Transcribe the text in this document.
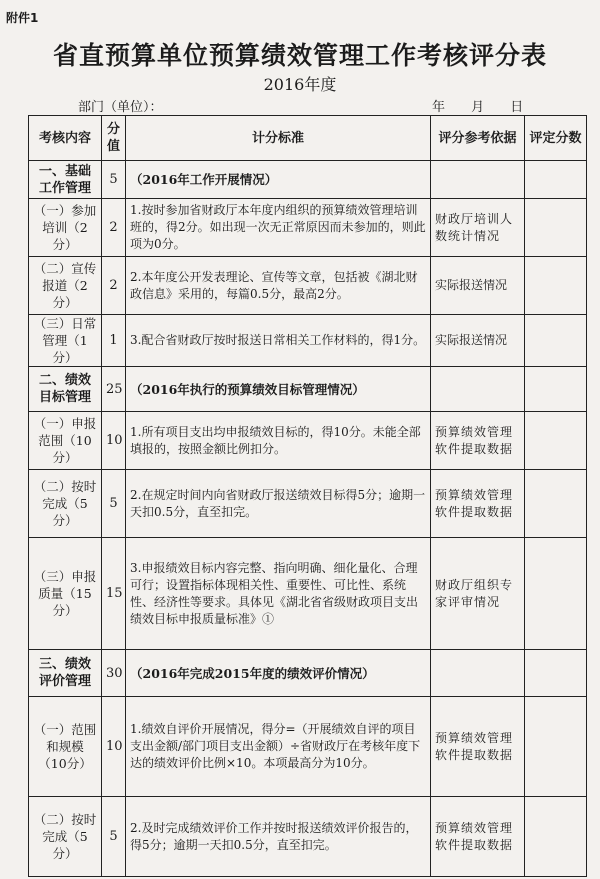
附件1
省直预算单位预算绩效管理工作考核评分表
2016年度
部门（单位）：	年 月 日
考核内容	分值	计分标准	评分参考依据	评定分数
一、基础工作管理	5	（2016年工作开展情况）		
（一）参加培训（2分）	2	1.按时参加省财政厅本年度内组织的预算绩效管理培训班的，得2分。如出现一次无正常原因而未参加的，则此项为0分。	财政厅培训人数统计情况	
（二）宣传报道（2分）	2	2.本年度公开发表理论、宣传等文章，包括被《湖北财政信息》采用的，每篇0.5分，最高2分。	实际报送情况	
（三）日常管理（1分）	1	3.配合省财政厅按时报送日常相关工作材料的，得1分。	实际报送情况	
二、绩效目标管理	25	（2016年执行的预算绩效目标管理情况）		
（一）申报范围（10分）	10	1.所有项目支出均申报绩效目标的，得10分。未能全部填报的，按照金额比例扣分。	预算绩效管理软件提取数据	
（二）按时完成（5分）	5	2.在规定时间内向省财政厅报送绩效目标得5分；逾期一天扣0.5分，直至扣完。	预算绩效管理软件提取数据	
（三）申报质量（15分）	15	3.申报绩效目标内容完整、指向明确、细化量化、合理可行；设置指标体现相关性、重要性、可比性、系统性、经济性等要求。具体见《湖北省省级财政项目支出绩效目标申报质量标准》①	财政厅组织专家评审情况	
三、绩效评价管理	30	（2016年完成2015年度的绩效评价情况）		
（一）范围和规模（10分）	10	1.绩效自评价开展情况，得分=（开展绩效自评的项目支出金额/部门项目支出金额）÷省财政厅在考核年度下达的绩效评价比例×10。本项最高分为10分。	预算绩效管理软件提取数据	
（二）按时完成（5分）	5	2.及时完成绩效评价工作并按时报送绩效评价报告的，得5分；逾期一天扣0.5分，直至扣完。	预算绩效管理软件提取数据	
